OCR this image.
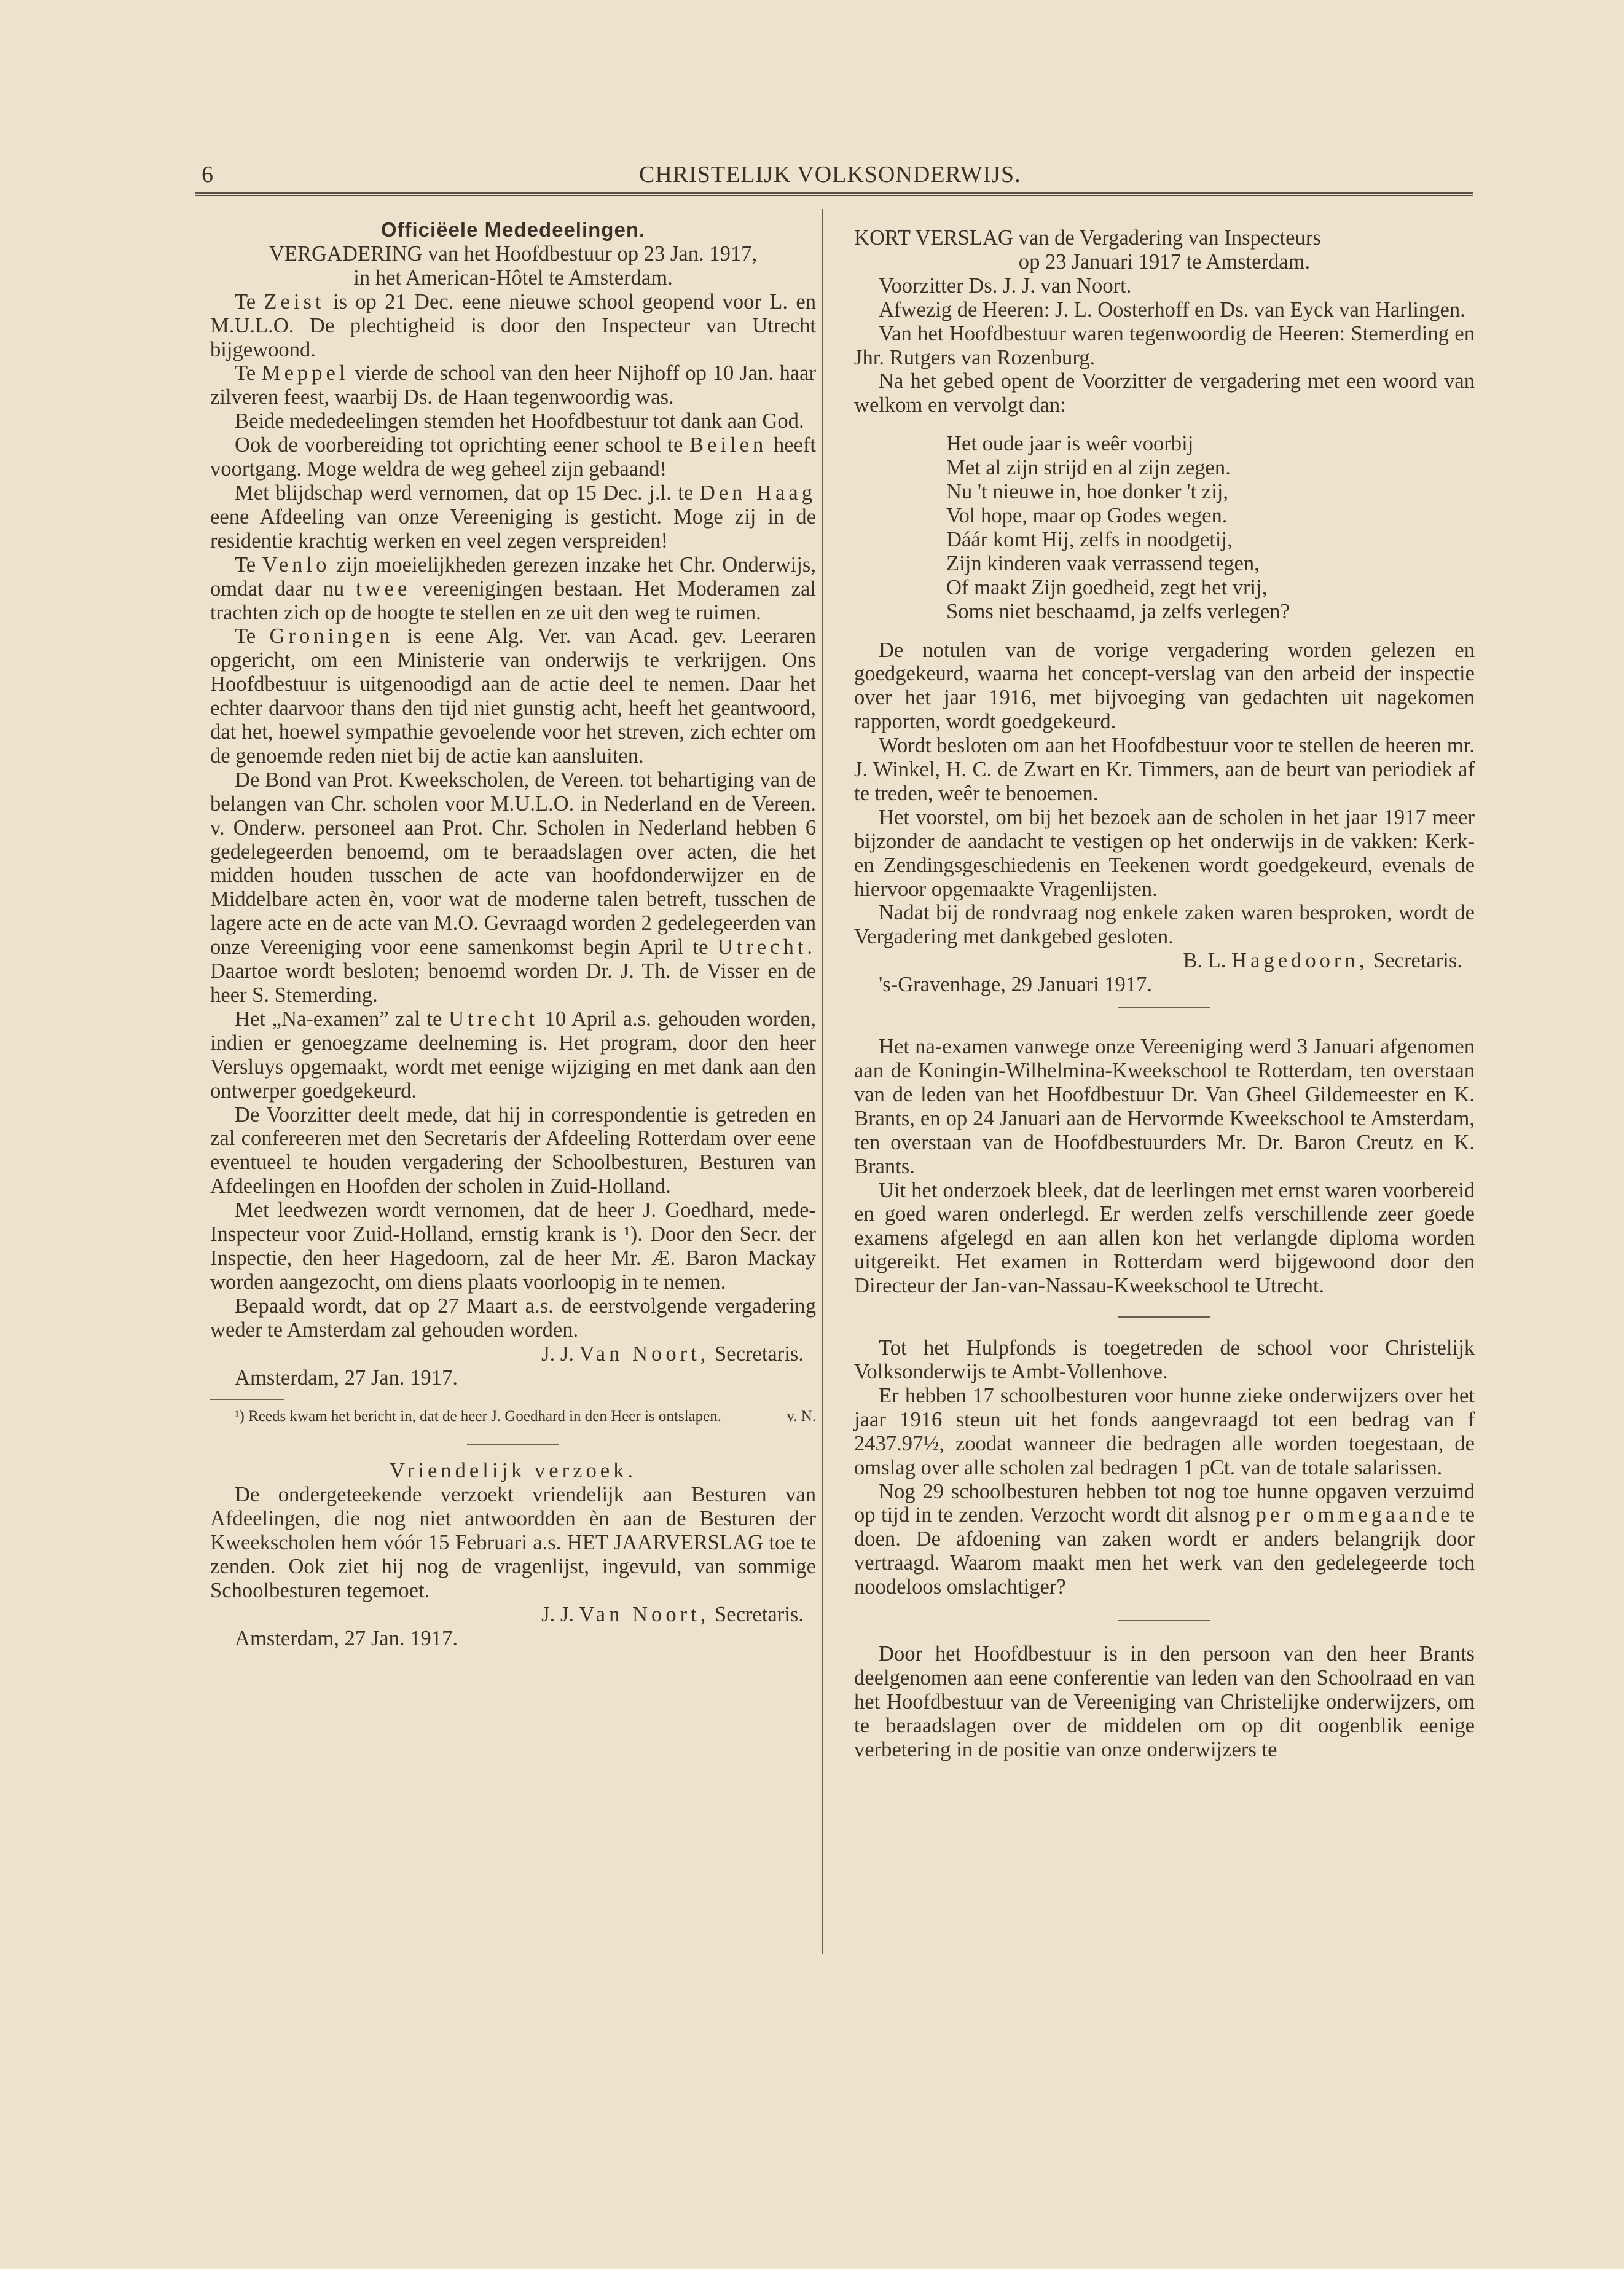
6	CHRISTELIJK VOLKSONDERWIJS.

Officiëele Mededeelingen.

VERGADERING van het Hoofdbestuur op 23 Jan. 1917,

in het American-Hôtel te Amsterdam.

Te Zeist is op 21 Dec. eene nieuwe school geopend voor L. en M.U.L.O. De plechtigheid is door den Inspecteur van Utrecht bijgewoond.

Te Meppel vierde de school van den heer Nijhoff op 10 Jan. haar zilveren feest, waarbij Ds. de Haan tegenwoordig was.

Beide mededeelingen stemden het Hoofdbestuur tot dank aan God.

Ook de voorbereiding tot oprichting eener school te Beilen heeft voortgang. Moge weldra de weg geheel zijn gebaand!

Met blijdschap werd vernomen, dat op 15 Dec. j.l. te Den Haag eene Afdeeling van onze Vereeniging is gesticht. Moge zij in de residentie krachtig werken en veel zegen verspreiden!

Te Venlo zijn moeielijkheden gerezen inzake het Chr. Onderwijs, omdat daar nu twee vereenigingen bestaan. Het Moderamen zal trachten zich op de hoogte te stellen en ze uit den weg te ruimen.

Te Groningen is eene Alg. Ver. van Acad. gev. Leeraren opgericht, om een Ministerie van onderwijs te verkrijgen. Ons Hoofdbestuur is uitgenoodigd aan de actie deel te nemen. Daar het echter daarvoor thans den tijd niet gunstig acht, heeft het geantwoord, dat het, hoewel sympathie gevoelende voor het streven, zich echter om de genoemde reden niet bij de actie kan aansluiten.

De Bond van Prot. Kweekscholen, de Vereen. tot behartiging van de belangen van Chr. scholen voor M.U.L.O. in Nederland en de Vereen. v. Onderw. personeel aan Prot. Chr. Scholen in Nederland hebben 6 gedelegeerden benoemd, om te beraadslagen over acten, die het midden houden tusschen de acte van hoofdonderwijzer en de Middelbare acten èn, voor wat de moderne talen betreft, tusschen de lagere acte en de acte van M.O. Gevraagd worden 2 gedelegeerden van onze Vereeniging voor eene samenkomst begin April te Utrecht. Daartoe wordt besloten; benoemd worden Dr. J. Th. de Visser en de heer S. Stemerding.

Het „Na-examen” zal te Utrecht 10 April a.s. gehouden worden, indien er genoegzame deelneming is. Het program, door den heer Versluys opgemaakt, wordt met eenige wijziging en met dank aan den ontwerper goedgekeurd.

De Voorzitter deelt mede, dat hij in correspondentie is getreden en zal confereeren met den Secretaris der Afdeeling Rotterdam over eene eventueel te houden vergadering der Schoolbesturen, Besturen van Afdeelingen en Hoofden der scholen in Zuid-Holland.

Met leedwezen wordt vernomen, dat de heer J. Goedhard, mede-Inspecteur voor Zuid-Holland, ernstig krank is ¹). Door den Secr. der Inspectie, den heer Hagedoorn, zal de heer Mr. Æ. Baron Mackay worden aangezocht, om diens plaats voorloopig in te nemen.

Bepaald wordt, dat op 27 Maart a.s. de eerstvolgende vergadering weder te Amsterdam zal gehouden worden.

J. J. Van Noort, Secretaris.

Amsterdam, 27 Jan. 1917.

¹) Reeds kwam het bericht in, dat de heer J. Goedhard in den Heer is ontslapen.	v. N.

Vriendelijk verzoek.

De ondergeteekende verzoekt vriendelijk aan Besturen van Afdeelingen, die nog niet antwoordden èn aan de Besturen der Kweekscholen hem vóór 15 Februari a.s. HET JAARVERSLAG toe te zenden. Ook ziet hij nog de vragenlijst, ingevuld, van sommige Schoolbesturen tegemoet.

J. J. Van Noort, Secretaris.

Amsterdam, 27 Jan. 1917.

KORT VERSLAG van de Vergadering van Inspecteurs

op 23 Januari 1917 te Amsterdam.

Voorzitter Ds. J. J. van Noort.

Afwezig de Heeren: J. L. Oosterhoff en Ds. van Eyck van Harlingen.

Van het Hoofdbestuur waren tegenwoordig de Heeren: Stemerding en Jhr. Rutgers van Rozenburg.

Na het gebed opent de Voorzitter de vergadering met een woord van welkom en vervolgt dan:

Het oude jaar is weêr voorbij

Met al zijn strijd en al zijn zegen.

Nu 't nieuwe in, hoe donker 't zij,

Vol hope, maar op Godes wegen.

Dáár komt Hij, zelfs in noodgetij,

Zijn kinderen vaak verrassend tegen,

Of maakt Zijn goedheid, zegt het vrij,

Soms niet beschaamd, ja zelfs verlegen?

De notulen van de vorige vergadering worden gelezen en goedgekeurd, waarna het concept-verslag van den arbeid der inspectie over het jaar 1916, met bijvoeging van gedachten uit nagekomen rapporten, wordt goedgekeurd.

Wordt besloten om aan het Hoofdbestuur voor te stellen de heeren mr. J. Winkel, H. C. de Zwart en Kr. Timmers, aan de beurt van periodiek af te treden, weêr te benoemen.

Het voorstel, om bij het bezoek aan de scholen in het jaar 1917 meer bijzonder de aandacht te vestigen op het onderwijs in de vakken: Kerk- en Zendingsgeschiedenis en Teekenen wordt goedgekeurd, evenals de hiervoor opgemaakte Vragenlijsten.

Nadat bij de rondvraag nog enkele zaken waren besproken, wordt de Vergadering met dankgebed gesloten.

B. L. Hagedoorn, Secretaris.

's-Gravenhage, 29 Januari 1917.

Het na-examen vanwege onze Vereeniging werd 3 Januari afgenomen aan de Koningin-Wilhelmina-Kweekschool te Rotterdam, ten overstaan van de leden van het Hoofdbestuur Dr. Van Gheel Gildemeester en K. Brants, en op 24 Januari aan de Hervormde Kweekschool te Amsterdam, ten overstaan van de Hoofdbestuurders Mr. Dr. Baron Creutz en K. Brants.

Uit het onderzoek bleek, dat de leerlingen met ernst waren voorbereid en goed waren onderlegd. Er werden zelfs verschillende zeer goede examens afgelegd en aan allen kon het verlangde diploma worden uitgereikt. Het examen in Rotterdam werd bijgewoond door den Directeur der Jan-van-Nassau-Kweekschool te Utrecht.

Tot het Hulpfonds is toegetreden de school voor Christelijk Volksonderwijs te Ambt-Vollenhove.

Er hebben 17 schoolbesturen voor hunne zieke onderwijzers over het jaar 1916 steun uit het fonds aangevraagd tot een bedrag van f 2437.97½, zoodat wanneer die bedragen alle worden toegestaan, de omslag over alle scholen zal bedragen 1 pCt. van de totale salarissen.

Nog 29 schoolbesturen hebben tot nog toe hunne opgaven verzuimd op tijd in te zenden. Verzocht wordt dit alsnog per ommegaande te doen. De afdoening van zaken wordt er anders belangrijk door vertraagd. Waarom maakt men het werk van den gedelegeerde toch noodeloos omslachtiger?

Door het Hoofdbestuur is in den persoon van den heer Brants deelgenomen aan eene conferentie van leden van den Schoolraad en van het Hoofdbestuur van de Vereeniging van Christelijke onderwijzers, om te beraadslagen over de middelen om op dit oogenblik eenige verbetering in de positie van onze onderwijzers te
